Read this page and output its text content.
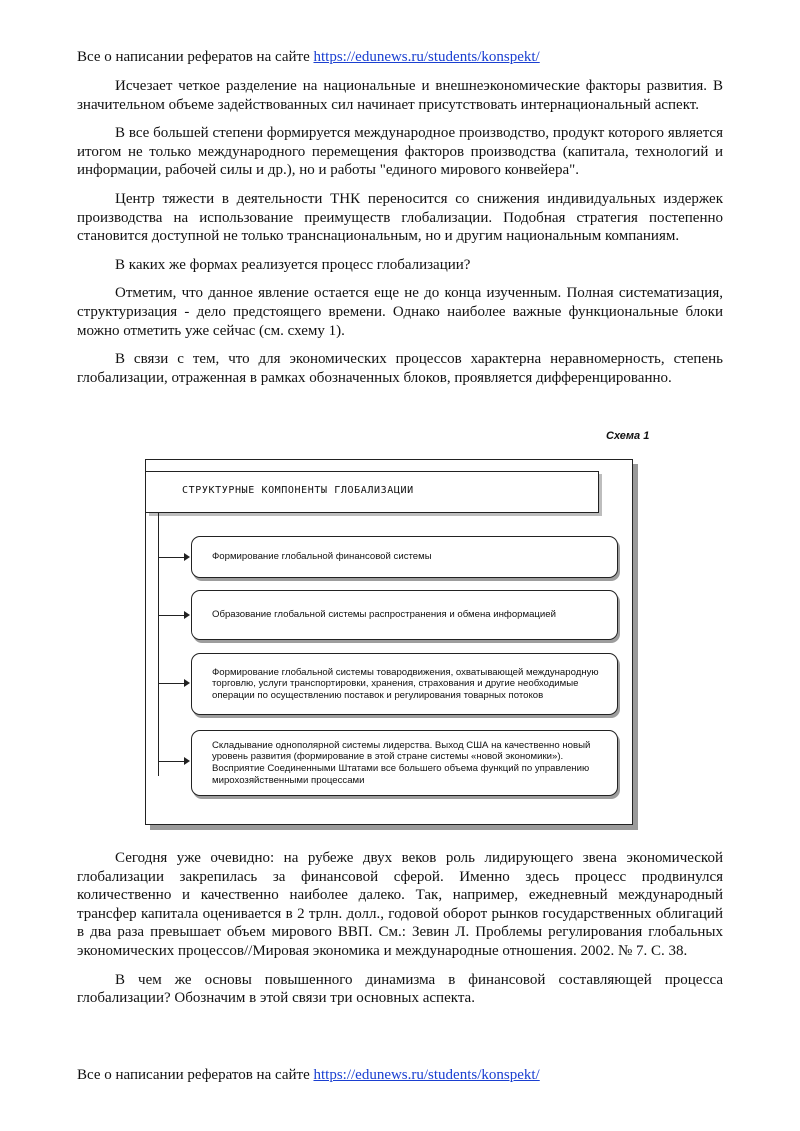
Все о написании рефератов на сайте https://edunews.ru/students/konspekt/

Исчезает четкое разделение на национальные и внешнеэкономические факторы развития. В значительном объеме задействованных сил начинает присутствовать интернациональный аспект.

В все большей степени формируется международное производство, продукт которого является итогом не только международного перемещения факторов производства (капитала, технологий и информации, рабочей силы и др.), но и работы "единого мирового конвейера".

Центр тяжести в деятельности ТНК переносится со снижения индивидуальных издержек производства на использование преимуществ глобализации. Подобная стратегия постепенно становится доступной не только транснациональным, но и другим национальным компаниям.

В каких же формах реализуется процесс глобализации?

Отметим, что данное явление остается еще не до конца изученным. Полная систематизация, структуризация - дело предстоящего времени. Однако наиболее важные функциональные блоки можно отметить уже сейчас (см. схему 1).

В связи с тем, что для экономических процессов характерна неравномерность, степень глобализации, отраженная в рамках обозначенных блоков, проявляется дифференцированно.

Схема 1
СТРУКТУРНЫЕ КОМПОНЕНТЫ ГЛОБАЛИЗАЦИИ
Формирование глобальной финансовой системы
Образование глобальной системы распространения и обмена информацией
Формирование глобальной системы товародвижения, охватывающей международную торговлю, услуги транспортировки, хранения, страхования и другие необходимые операции по осуществлению поставок и регулирования товарных потоков
Складывание однополярной системы лидерства. Выход США на качественно новый уровень развития (формирование в этой стране системы «новой экономики»). Восприятие Соединенными Штатами все большего объема функций по управлению мирохозяйственными процессами

Сегодня уже очевидно: на рубеже двух веков роль лидирующего звена экономической глобализации закрепилась за финансовой сферой. Именно здесь процесс продвинулся количественно и качественно наиболее далеко. Так, например, ежедневный международный трансфер капитала оценивается в 2 трлн. долл., годовой оборот рынков государственных облигаций в два раза превышает объем мирового ВВП. См.: Зевин Л. Проблемы регулирования глобальных экономических процессов//Мировая экономика и международные отношения. 2002. № 7. С. 38.

В чем же основы повышенного динамизма в финансовой составляющей процесса глобализации? Обозначим в этой связи три основных аспекта.

Все о написании рефератов на сайте https://edunews.ru/students/konspekt/
